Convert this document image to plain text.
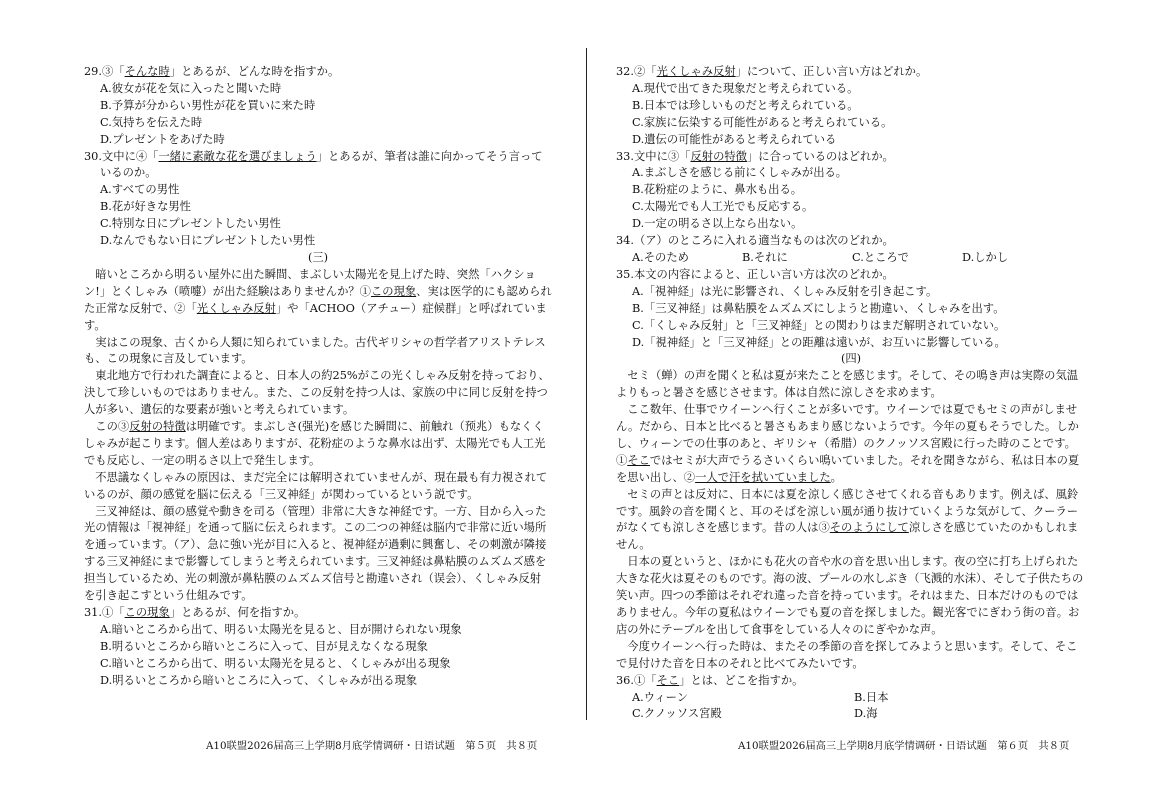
29.③「そんな時」とあるが、どんな時を指すか。

A.彼女が花を気に入ったと聞いた時

B.予算が分からい男性が花を買いに来た時

C.気持ちを伝えた時

D.プレゼントをあげた時

30.文中に④「一緒に素敵な花を選びましょう」とあるが、筆者は誰に向かってそう言って

いるのか。

A.すべての男性

B.花が好きな男性

C.特別な日にプレゼントしたい男性

D.なんでもない日にプレゼントしたい男性

(三)

暗いところから明るい屋外に出た瞬間、まぶしい太陽光を見上げた時、突然「ハクション!」とくしゃみ（喷嚏）が出た経験はありませんか？①この現象、実は医学的にも認められた正常な反射で、②「光くしゃみ反射」や「ACHOO（アチュー）症候群」と呼ばれています。

実はこの現象、古くから人類に知られていました。古代ギリシャの哲学者アリストテレスも、この現象に言及しています。

東北地方で行われた調査によると、日本人の約25%がこの光くしゃみ反射を持っており、決して珍しいものではありません。また、この反射を持つ人は、家族の中に同じ反射を持つ人が多い、遺伝的な要素が強いと考えられています。

この③反射の特徴は明確です。まぶしさ(强光)を感じた瞬間に、前触れ（预兆）もなくくしゃみが起こります。個人差はありますが、花粉症のような鼻水は出ず、太陽光でも人工光でも反応し、一定の明るさ以上で発生します。

不思議なくしゃみの原因は、まだ完全には解明されていませんが、現在最も有力視されているのが、顔の感覚を脳に伝える「三叉神経」が関わっているという説です。

三叉神経は、顔の感覚や動きを司る（管理）非常に大きな神経です。一方、目から入った光の情報は「視神経」を通って脳に伝えられます。この二つの神経は脳内で非常に近い場所を通っています。（ア）、急に強い光が目に入ると、視神経が過剰に興奮し、その刺激が隣接する三叉神経にまで影響してしまうと考えられています。三叉神経は鼻粘膜のムズムズ感を担当しているため、光の刺激が鼻粘膜のムズムズ信号と勘違いされ（误会）、くしゃみ反射を引き起こすという仕組みです。

31.①「この現象」とあるが、何を指すか。

A.暗いところから出て、明るい太陽光を見ると、目が開けられない現象

B.明るいところから暗いところに入って、目が見えなくなる現象

C.暗いところから出て、明るい太陽光を見ると、くしゃみが出る現象

D.明るいところから暗いところに入って、くしゃみが出る現象

32.②「光くしゃみ反射」について、正しい言い方はどれか。

A.現代で出てきた現象だと考えられている。

B.日本では珍しいものだと考えられている。

C.家族に伝染する可能性があると考えられている。

D.遺伝の可能性があると考えられている

33.文中に③「反射の特徴」に合っているのはどれか。

A.まぶしさを感じる前にくしゃみが出る。

B.花粉症のように、鼻水も出る。

C.太陽光でも人工光でも反応する。

D.一定の明るさ以上なら出ない。

34.（ア）のところに入れる適当なものは次のどれか。

A.そのため	B.それに	C.ところで	D.しかし

35.本文の内容によると、正しい言い方は次のどれか。

A.「視神経」は光に影響され、くしゃみ反射を引き起こす。

B.「三叉神経」は鼻粘膜をムズムズにしようと勘違い、くしゃみを出す。

C.「くしゃみ反射」と「三叉神経」との関わりはまだ解明されていない。

D.「視神経」と「三叉神経」との距離は遠いが、お互いに影響している。

(四)

セミ（蝉）の声を聞くと私は夏が来たことを感じます。そして、その鳴き声は実際の気温よりもっと暑さを感じさせます。体は自然に涼しさを求めます。

ここ数年、仕事でウイーンへ行くことが多いです。ウイーンでは夏でもセミの声がしません。だから、日本と比べると暑さもあまり感じないようです。今年の夏もそうでした。しかし、ウィーンでの仕事のあと、ギリシャ（希腊）のクノッソス宮殿に行った時のことです。

①そこではセミが大声でうるさいくらい鳴いていました。それを聞きながら、私は日本の夏を思い出し、②一人で汗を拭いていました。

セミの声とは反対に、日本には夏を涼しく感じさせてくれる音もあります。例えば、風鈴です。風鈴の音を聞くと、耳のそばを涼しい風が通り抜けていくような気がして、クーラーがなくても涼しさを感じます。昔の人は③そのようにして涼しさを感じていたのかもしれません。

日本の夏というと、ほかにも花火の音や水の音を思い出します。夜の空に打ち上げられた大きな花火は夏そのものです。海の波、プールの水しぶき（飞溅的水沫）、そして子供たちの笑い声。四つの季節はそれぞれ違った音を持っています。それはまた、日本だけのものではありません。今年の夏私はウイーンでも夏の音を探しました。観光客でにぎわう街の音。お店の外にテーブルを出して食事をしている人々のにぎやかな声。

今度ウイーンへ行った時は、またその季節の音を探してみようと思います。そして、そこで見付けた音を日本のそれと比べてみたいです。

36.①「そこ」とは、どこを指すか。

A.ウィーン	B.日本
C.クノッソス宮殿	D.海
A10联盟2026届高三上学期8月底学情调研・日语试题　第５页　共８页	A10联盟2026届高三上学期8月底学情调研・日语试题　第６页　共８页
